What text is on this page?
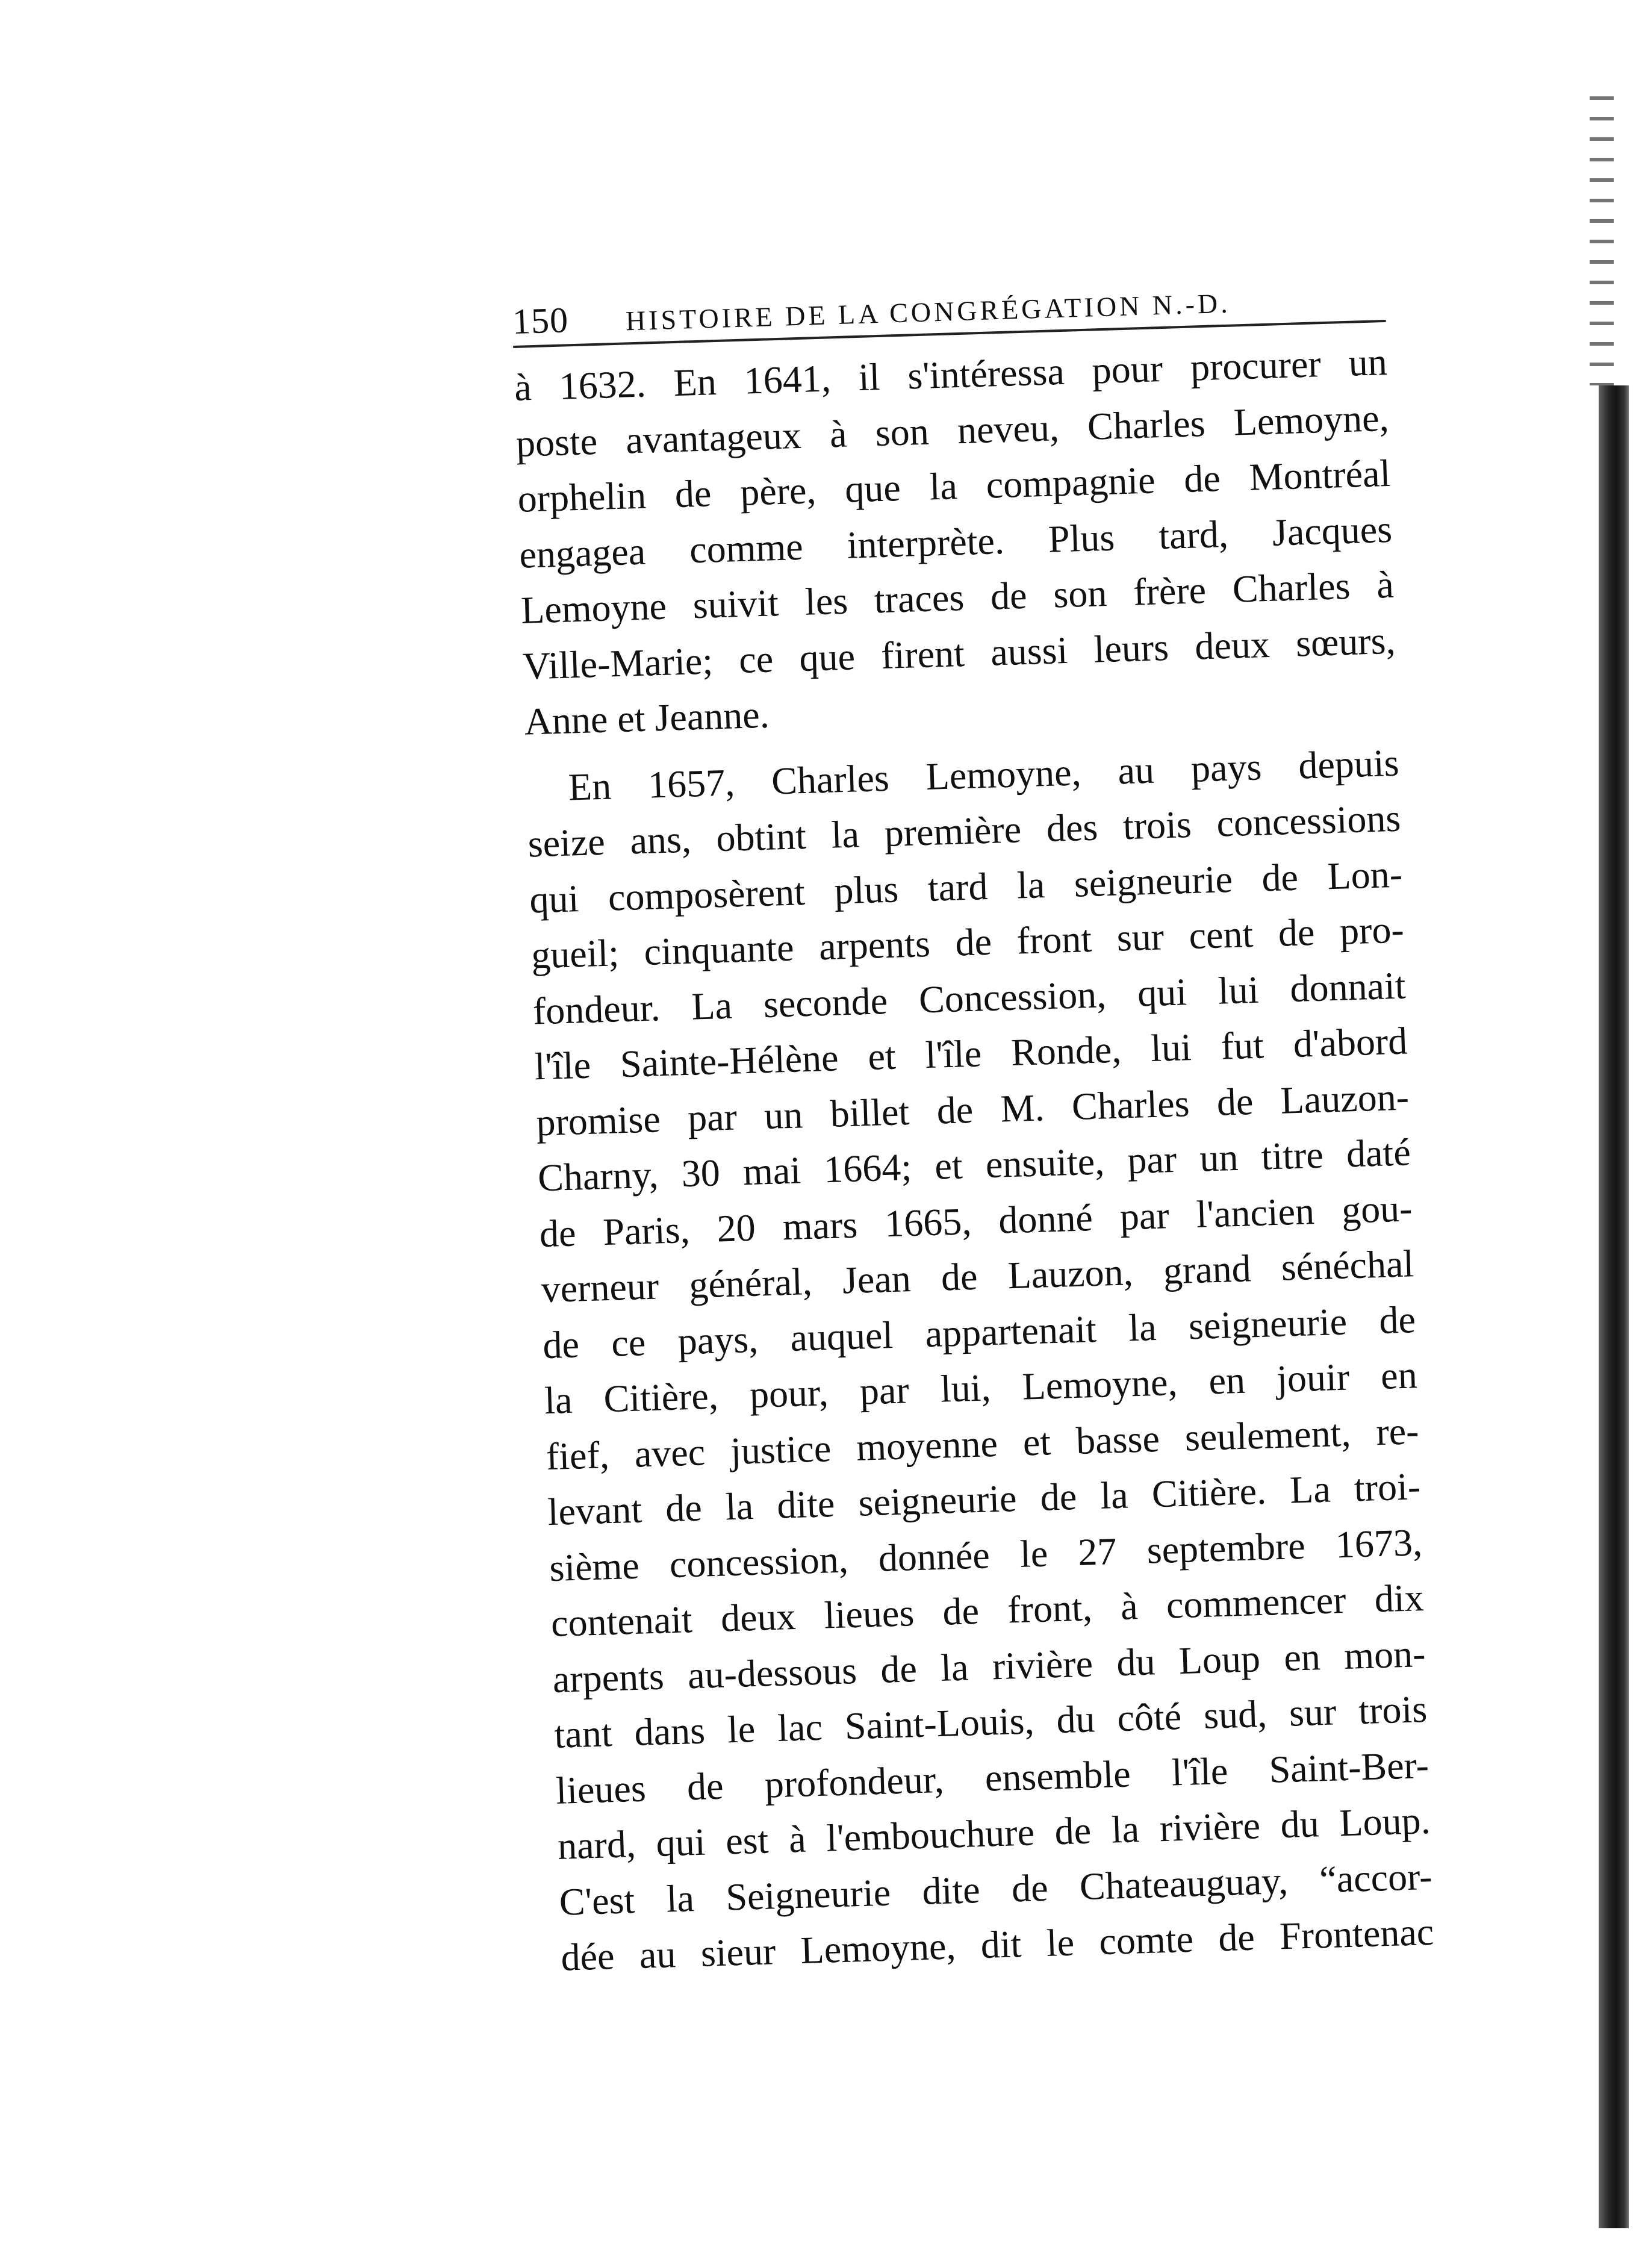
150 HISTOIRE DE LA CONGRÉGATION N.-D.
à 1632. En 1641, il s'intéressa pour procurer un
poste avantageux à son neveu, Charles Lemoyne,
orphelin de père, que la compagnie de Montréal
engagea comme interprète. Plus tard, Jacques
Lemoyne suivit les traces de son frère Charles à
Ville-Marie; ce que firent aussi leurs deux sœurs,
Anne et Jeanne.
En 1657, Charles Lemoyne, au pays depuis
seize ans, obtint la première des trois concessions
qui composèrent plus tard la seigneurie de Lon-
gueil; cinquante arpents de front sur cent de pro-
fondeur. La seconde Concession, qui lui donnait
l'île Sainte-Hélène et l'île Ronde, lui fut d'abord
promise par un billet de M. Charles de Lauzon-
Charny, 30 mai 1664; et ensuite, par un titre daté
de Paris, 20 mars 1665, donné par l'ancien gou-
verneur général, Jean de Lauzon, grand sénéchal
de ce pays, auquel appartenait la seigneurie de
la Citière, pour, par lui, Lemoyne, en jouir en
fief, avec justice moyenne et basse seulement, re-
levant de la dite seigneurie de la Citière. La troi-
sième concession, donnée le 27 septembre 1673,
contenait deux lieues de front, à commencer dix
arpents au-dessous de la rivière du Loup en mon-
tant dans le lac Saint-Louis, du côté sud, sur trois
lieues de profondeur, ensemble l'île Saint-Ber-
nard, qui est à l'embouchure de la rivière du Loup.
C'est la Seigneurie dite de Chateauguay, “accor-
dée au sieur Lemoyne, dit le comte de Frontenac
